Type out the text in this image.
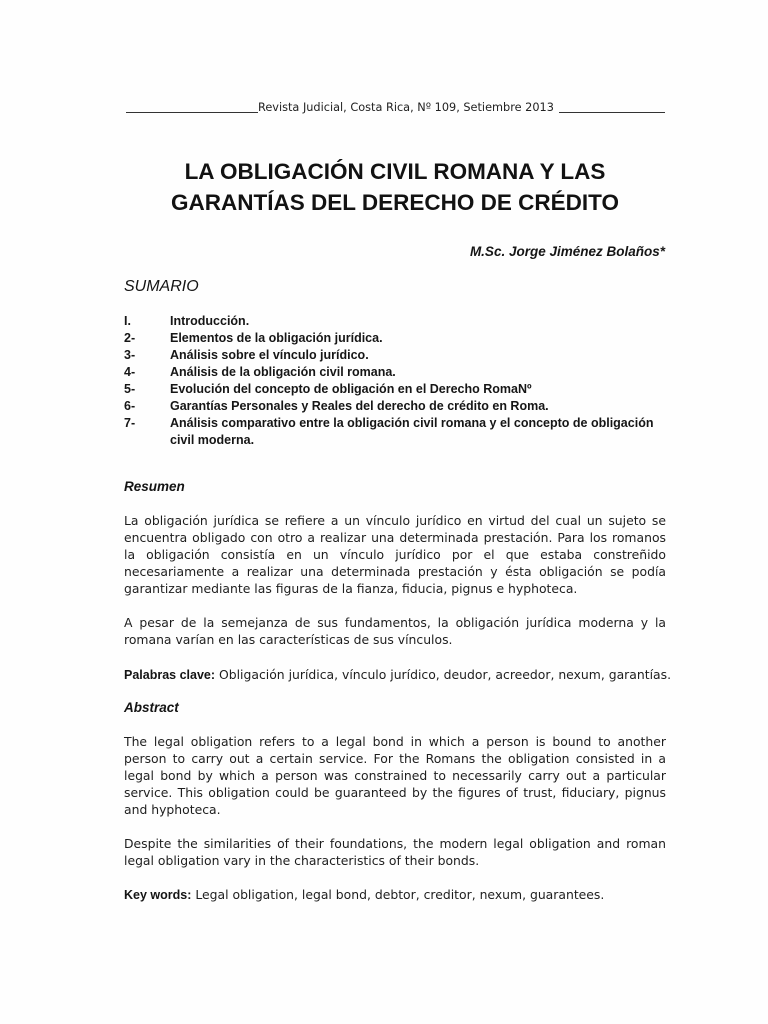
Revista Judicial, Costa Rica, Nº 109, Setiembre 2013
LA OBLIGACIÓN CIVIL ROMANA Y LAS
GARANTÍAS DEL DERECHO DE CRÉDITO
M.Sc. Jorge Jiménez Bolaños*
SUMARIO
I.	Introducción.
2-	Elementos de la obligación jurídica.
3-	Análisis sobre el vínculo jurídico.
4-	Análisis de la obligación civil romana.
5-	Evolución del concepto de obligación en el Derecho RomaNº
6-	Garantías Personales y Reales del derecho de crédito en Roma.
7-	Análisis comparativo entre la obligación civil romana y el concepto de obligación civil moderna.
Resumen
La obligación jurídica se refiere a un vínculo jurídico en virtud del cual un sujeto se
encuentra obligado con otro a realizar una determinada prestación. Para los romanos
la obligación consistía en un vínculo jurídico por el que estaba constreñido
necesariamente a realizar una determinada prestación y ésta obligación se podía
garantizar mediante las figuras de la fianza, fiducia, pignus e hyphoteca.
A pesar de la semejanza de sus fundamentos, la obligación jurídica moderna y la
romana varían en las características de sus vínculos.
Palabras clave: Obligación jurídica, vínculo jurídico, deudor, acreedor, nexum, garantías.
Abstract
The legal obligation refers to a legal bond in which a person is bound to another
person to carry out a certain service. For the Romans the obligation consisted in a
legal bond by which a person was constrained to necessarily carry out a particular
service. This obligation could be guaranteed by the figures of trust, fiduciary, pignus
and hyphoteca.
Despite the similarities of their foundations, the modern legal obligation and roman
legal obligation vary in the characteristics of their bonds.
Key words: Legal obligation, legal bond, debtor, creditor, nexum, guarantees.
